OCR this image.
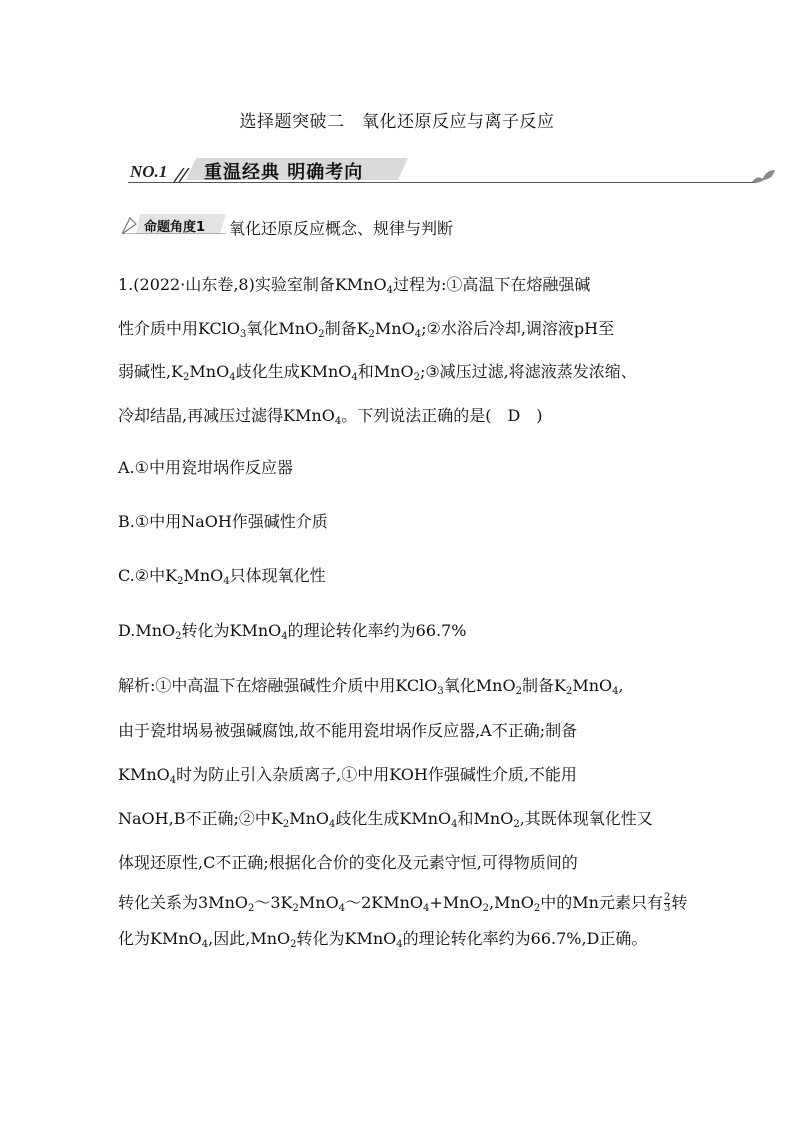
选择题突破二　氧化还原反应与离子反应
NO.1 重温经典 明确考向
命题角度1 氧化还原反应概念、规律与判断
1.(2022·山东卷,8)实验室制备KMnO$_4$过程为:①高温下在熔融强碱
性介质中用KClO$_3$氧化MnO$_2$制备$K_2MnO_4;②$水浴后冷却,调溶液pH至
弱碱性$,K_2MnO_4$歧化生成KMnO$_4$和MnO$_2$;③减压过滤,将滤液蒸发浓缩、
冷却结晶,再减压过滤得KMnO$_4$。下列说法正确的是(　D　)
A.①中用瓷坩埚作反应器
B.①中用NaOH作强碱性介质
C.②中$K_2MnO_4$只体现氧化性
D.MnO$_2$转化为KMnO$_4$的理论转化率约为66.7%
解析:①中高温下在熔融强碱性介质中用KClO$_3$氧化MnO$_2$制备$K_2MnO_4$,
由于瓷坩埚易被强碱腐蚀,故不能用瓷坩埚作反应器,A不正确;制备
KMnO$_4$时为防止引入杂质离子,①中用KOH作强碱性介质,不能用
NaOH,B不正确;②中$K_2MnO_4$歧化生成KMnO$_4$和MnO$_2$,其既体现氧化性又
体现还原性,C不正确;根据化合价的变化及元素守恒,可得物质间的
转化关系为$3MnO_2\sim 3K_2MnO_4\sim 2KMnO_4+MnO_2,MnO_2$中的Mn元素只有 $\frac{2}{3}$ 转
化为KMnO$_4$,因此,MnO$_2$转化为KMnO$_4$的理论转化率约为66.7%,D正确。
